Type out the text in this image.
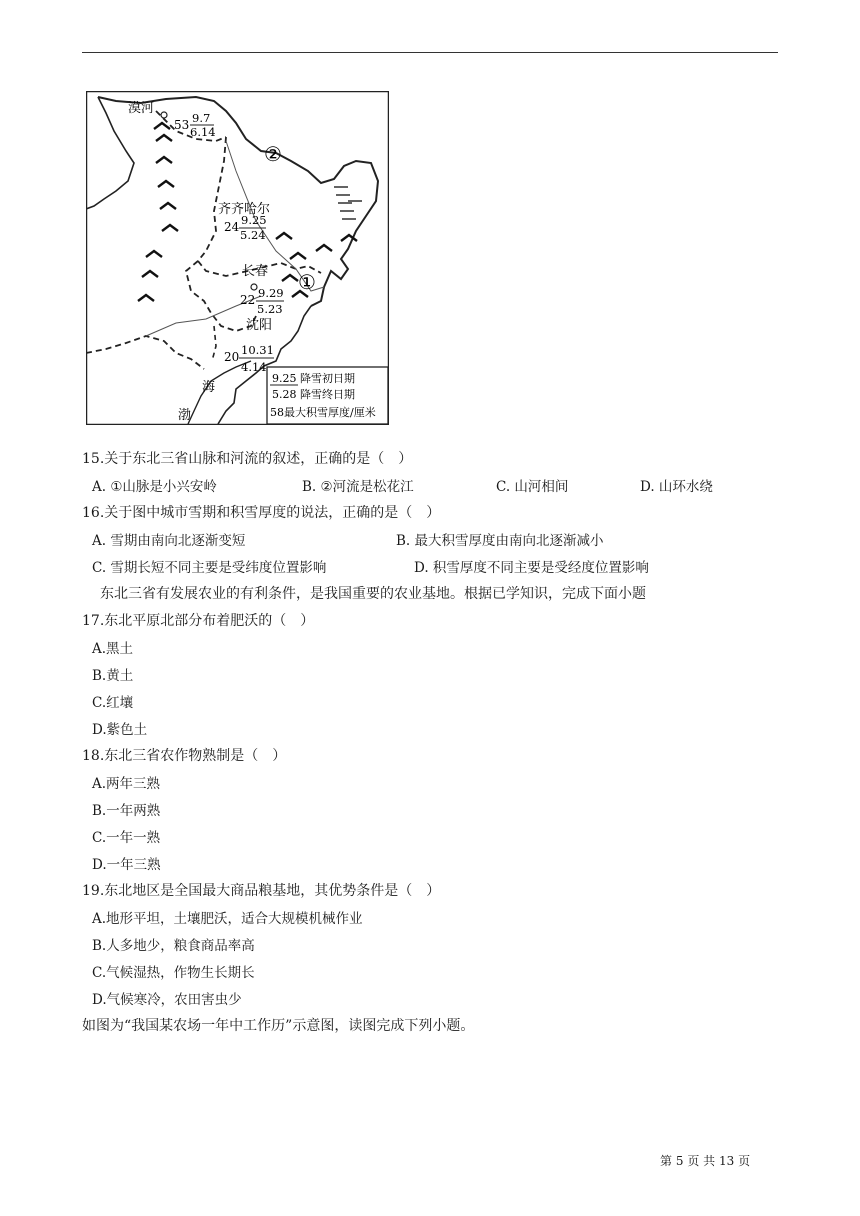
漠河
53 9.7
6.14
齐齐哈尔
24 9.25
5.24
长春
22 9.29
5.23
沈阳
20 10.31
4.14
海
渤
②
①
9.25 降雪初日期
5.28 降雪终日期
58 最大积雪厚度/厘米
15.关于东北三省山脉和河流的叙述，正确的是（　）
A. ①山脉是小兴安岭	B. ②河流是松花江	C. 山河相间	D. 山环水绕
16.关于图中城市雪期和积雪厚度的说法，正确的是（　）
A. 雪期由南向北逐渐变短	B. 最大积雪厚度由南向北逐渐减小
C. 雪期长短不同主要是受纬度位置影响	D. 积雪厚度不同主要是受经度位置影响
东北三省有发展农业的有利条件，是我国重要的农业基地。根据已学知识，完成下面小题
17.东北平原北部分布着肥沃的（　）
A.黑土
B.黄土
C.红壤
D.紫色土
18.东北三省农作物熟制是（　）
A.两年三熟
B.一年两熟
C.一年一熟
D.一年三熟
19.东北地区是全国最大商品粮基地，其优势条件是（　）
A.地形平坦，土壤肥沃，适合大规模机械作业
B.人多地少，粮食商品率高
C.气候湿热，作物生长期长
D.气候寒冷，农田害虫少
如图为“我国某农场一年中工作历”示意图，读图完成下列小题。
第 5 页 共 13 页
